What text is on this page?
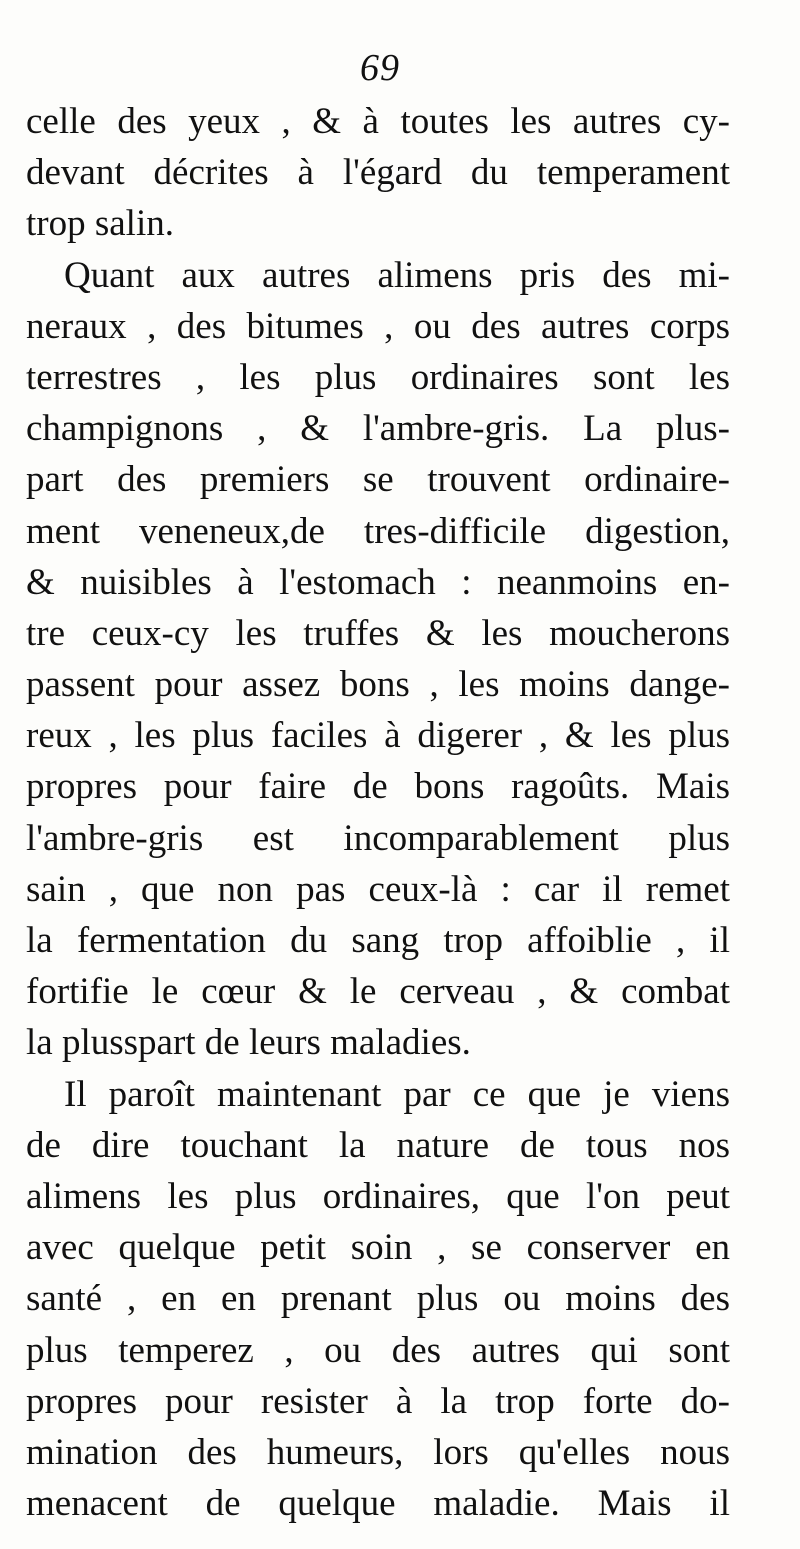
69
celle des yeux , & à toutes les autres cy-
devant décrites à l'égard du temperament
trop salin.
Quant aux autres alimens pris des mi-
neraux , des bitumes , ou des autres corps
terrestres , les plus ordinaires sont les
champignons , & l'ambre-gris. La plus-
part des premiers se trouvent ordinaire-
ment veneneux,de tres-difficile digestion,
& nuisibles à l'estomach : neanmoins en-
tre ceux-cy les truffes & les moucherons
passent pour assez bons , les moins dange-
reux , les plus faciles à digerer , & les plus
propres pour faire de bons ragoûts. Mais
l'ambre-gris est incomparablement plus
sain , que non pas ceux-là : car il remet
la fermentation du sang trop affoiblie , il
fortifie le cœur & le cerveau , & combat
la plusspart de leurs maladies.
Il paroît maintenant par ce que je viens
de dire touchant la nature de tous nos
alimens les plus ordinaires, que l'on peut
avec quelque petit soin , se conserver en
santé , en en prenant plus ou moins des
plus temperez , ou des autres qui sont
propres pour resister à la trop forte do-
mination des humeurs, lors qu'elles nous
menacent de quelque maladie. Mais il
